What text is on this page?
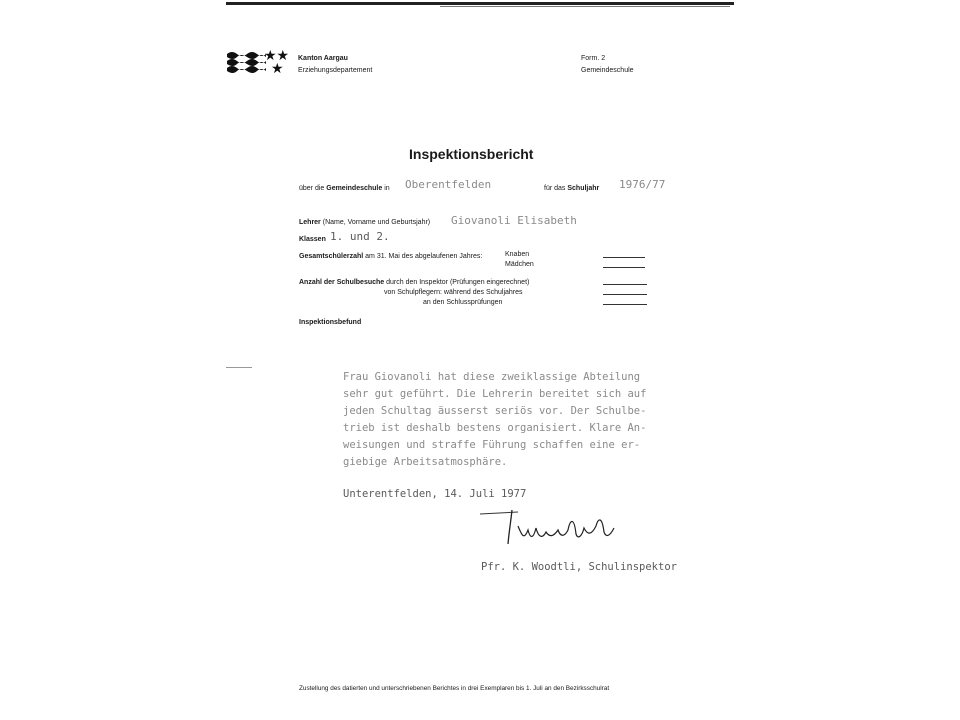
★★
★
Kanton Aargau
Erziehungsdepartement
Form. 2
Gemeindeschule
Inspektionsbericht
über die Gemeindeschule in Oberentfelden	für das Schuljahr 1976/77
Lehrer (Name, Vorname und Geburtsjahr) Giovanoli Elisabeth
Klassen 1. und 2.
Gesamtschülerzahl am 31. Mai des abgelaufenen Jahres:	Knaben
Mädchen
Anzahl der Schulbesuche durch den Inspektor (Prüfungen eingerechnet)
von Schulpflegern: während des Schuljahres
an den Schlussprüfungen
Inspektionsbefund
Frau Giovanoli hat diese zweiklassige Abteilung
sehr gut geführt. Die Lehrerin bereitet sich auf
jeden Schultag äusserst seriös vor. Der Schulbe-
trieb ist deshalb bestens organisiert. Klare An-
weisungen und straffe Führung schaffen eine er-
giebige Arbeitsatmosphäre.
Unterentfelden, 14. Juli 1977
Pfr. K. Woodtli, Schulinspektor
Zustellung des datierten und unterschriebenen Berichtes in drei Exemplaren bis 1. Juli an den Bezirksschulrat
